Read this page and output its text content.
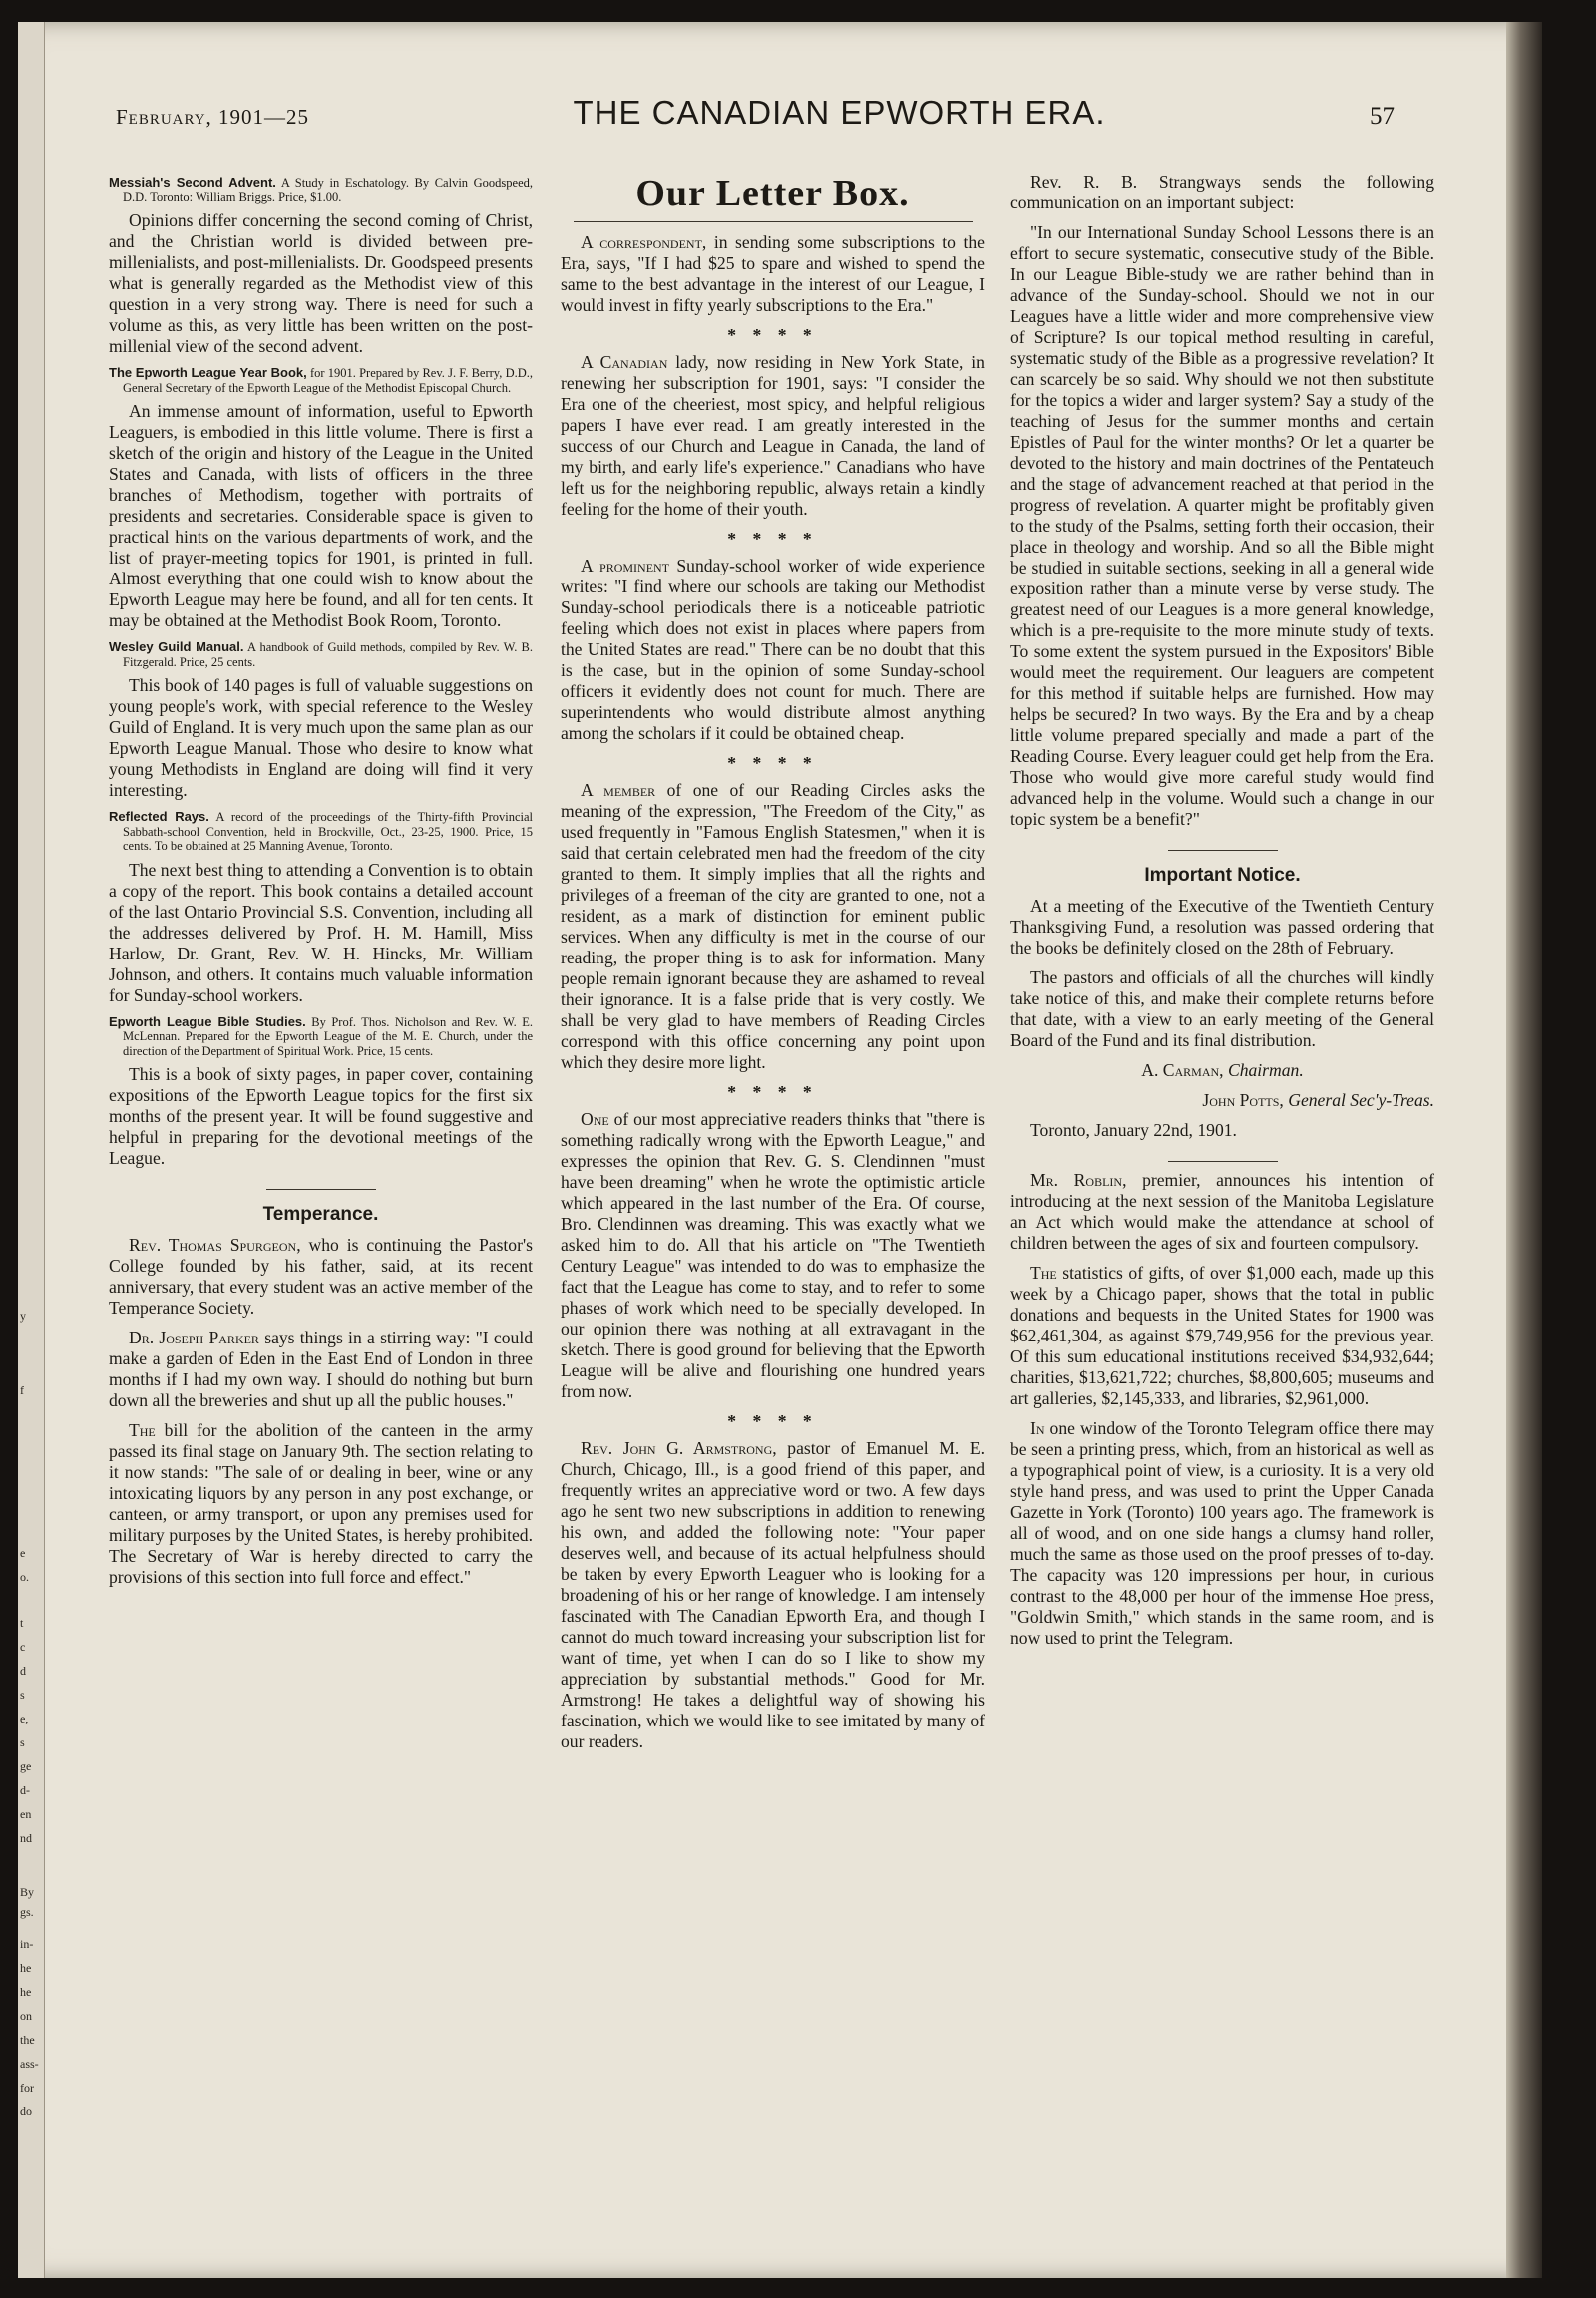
y
f
e
o.
t
c
d
s
e,
s
ge
d-
en
nd
By
gs.
in-
he
he
on
the
ass-
for
do
February, 1901—25	THE CANADIAN EPWORTH ERA.	57
Messiah's Second Advent. A Study in Eschatology. By Calvin Goodspeed, D.D. Toronto: William Briggs. Price, $1.00.

Opinions differ concerning the second coming of Christ, and the Christian world is divided between pre-millenialists, and post-millenialists. Dr. Goodspeed presents what is generally regarded as the Methodist view of this question in a very strong way. There is need for such a volume as this, as very little has been written on the post-millenial view of the second advent.

The Epworth League Year Book, for 1901. Prepared by Rev. J. F. Berry, D.D., General Secretary of the Epworth League of the Methodist Episcopal Church.

An immense amount of information, useful to Epworth Leaguers, is embodied in this little volume. There is first a sketch of the origin and history of the League in the United States and Canada, with lists of officers in the three branches of Methodism, together with portraits of presidents and secretaries. Considerable space is given to practical hints on the various departments of work, and the list of prayer-meeting topics for 1901, is printed in full. Almost everything that one could wish to know about the Epworth League may here be found, and all for ten cents. It may be obtained at the Methodist Book Room, Toronto.

Wesley Guild Manual. A handbook of Guild methods, compiled by Rev. W. B. Fitzgerald. Price, 25 cents.

This book of 140 pages is full of valuable suggestions on young people's work, with special reference to the Wesley Guild of England. It is very much upon the same plan as our Epworth League Manual. Those who desire to know what young Methodists in England are doing will find it very interesting.

Reflected Rays. A record of the proceedings of the Thirty-fifth Provincial Sabbath-school Convention, held in Brockville, Oct., 23-25, 1900. Price, 15 cents. To be obtained at 25 Manning Avenue, Toronto.

The next best thing to attending a Convention is to obtain a copy of the report. This book contains a detailed account of the last Ontario Provincial S.S. Convention, including all the addresses delivered by Prof. H. M. Hamill, Miss Harlow, Dr. Grant, Rev. W. H. Hincks, Mr. William Johnson, and others. It contains much valuable information for Sunday-school workers.

Epworth League Bible Studies. By Prof. Thos. Nicholson and Rev. W. E. McLennan. Prepared for the Epworth League of the M. E. Church, under the direction of the Department of Spiritual Work. Price, 15 cents.

This is a book of sixty pages, in paper cover, containing expositions of the Epworth League topics for the first six months of the present year. It will be found suggestive and helpful in preparing for the devotional meetings of the League.

Temperance.

Rev. Thomas Spurgeon, who is continuing the Pastor's College founded by his father, said, at its recent anniversary, that every student was an active member of the Temperance Society.

Dr. Joseph Parker says things in a stirring way: "I could make a garden of Eden in the East End of London in three months if I had my own way. I should do nothing but burn down all the breweries and shut up all the public houses."

The bill for the abolition of the canteen in the army passed its final stage on January 9th. The section relating to it now stands: "The sale of or dealing in beer, wine or any intoxicating liquors by any person in any post exchange, or canteen, or army transport, or upon any premises used for military purposes by the United States, is hereby prohibited. The Secretary of War is hereby directed to carry the provisions of this section into full force and effect."

Our Letter Box.

A correspondent, in sending some subscriptions to the Era, says, "If I had $25 to spare and wished to spend the same to the best advantage in the interest of our League, I would invest in fifty yearly subscriptions to the Era."

* * * *

A Canadian lady, now residing in New York State, in renewing her subscription for 1901, says: "I consider the Era one of the cheeriest, most spicy, and helpful religious papers I have ever read. I am greatly interested in the success of our Church and League in Canada, the land of my birth, and early life's experience." Canadians who have left us for the neighboring republic, always retain a kindly feeling for the home of their youth.

* * * *

A prominent Sunday-school worker of wide experience writes: "I find where our schools are taking our Methodist Sunday-school periodicals there is a noticeable patriotic feeling which does not exist in places where papers from the United States are read." There can be no doubt that this is the case, but in the opinion of some Sunday-school officers it evidently does not count for much. There are superintendents who would distribute almost anything among the scholars if it could be obtained cheap.

* * * *

A member of one of our Reading Circles asks the meaning of the expression, "The Freedom of the City," as used frequently in "Famous English Statesmen," when it is said that certain celebrated men had the freedom of the city granted to them. It simply implies that all the rights and privileges of a freeman of the city are granted to one, not a resident, as a mark of distinction for eminent public services. When any difficulty is met in the course of our reading, the proper thing is to ask for information. Many people remain ignorant because they are ashamed to reveal their ignorance. It is a false pride that is very costly. We shall be very glad to have members of Reading Circles correspond with this office concerning any point upon which they desire more light.

* * * *

One of our most appreciative readers thinks that "there is something radically wrong with the Epworth League," and expresses the opinion that Rev. G. S. Clendinnen "must have been dreaming" when he wrote the optimistic article which appeared in the last number of the Era. Of course, Bro. Clendinnen was dreaming. This was exactly what we asked him to do. All that his article on "The Twentieth Century League" was intended to do was to emphasize the fact that the League has come to stay, and to refer to some phases of work which need to be specially developed. In our opinion there was nothing at all extravagant in the sketch. There is good ground for believing that the Epworth League will be alive and flourishing one hundred years from now.

* * * *

Rev. John G. Armstrong, pastor of Emanuel M. E. Church, Chicago, Ill., is a good friend of this paper, and frequently writes an appreciative word or two. A few days ago he sent two new subscriptions in addition to renewing his own, and added the following note: "Your paper deserves well, and because of its actual helpfulness should be taken by every Epworth Leaguer who is looking for a broadening of his or her range of knowledge. I am intensely fascinated with The Canadian Epworth Era, and though I cannot do much toward increasing your subscription list for want of time, yet when I can do so I like to show my appreciation by substantial methods." Good for Mr. Armstrong! He takes a delightful way of showing his fascination, which we would like to see imitated by many of our readers.

Rev. R. B. Strangways sends the following communication on an important subject:

"In our International Sunday School Lessons there is an effort to secure systematic, consecutive study of the Bible. In our League Bible-study we are rather behind than in advance of the Sunday-school. Should we not in our Leagues have a little wider and more comprehensive view of Scripture? Is our topical method resulting in careful, systematic study of the Bible as a progressive revelation? It can scarcely be so said. Why should we not then substitute for the topics a wider and larger system? Say a study of the teaching of Jesus for the summer months and certain Epistles of Paul for the winter months? Or let a quarter be devoted to the history and main doctrines of the Pentateuch and the stage of advancement reached at that period in the progress of revelation. A quarter might be profitably given to the study of the Psalms, setting forth their occasion, their place in theology and worship. And so all the Bible might be studied in suitable sections, seeking in all a general wide exposition rather than a minute verse by verse study. The greatest need of our Leagues is a more general knowledge, which is a pre-requisite to the more minute study of texts. To some extent the system pursued in the Expositors' Bible would meet the requirement. Our leaguers are competent for this method if suitable helps are furnished. How may helps be secured? In two ways. By the Era and by a cheap little volume prepared specially and made a part of the Reading Course. Every leaguer could get help from the Era. Those who would give more careful study would find advanced help in the volume. Would such a change in our topic system be a benefit?"

Important Notice.

At a meeting of the Executive of the Twentieth Century Thanksgiving Fund, a resolution was passed ordering that the books be definitely closed on the 28th of February.

The pastors and officials of all the churches will kindly take notice of this, and make their complete returns before that date, with a view to an early meeting of the General Board of the Fund and its final distribution.

A. Carman, Chairman.

John Potts, General Sec'y-Treas.

Toronto, January 22nd, 1901.

Mr. Roblin, premier, announces his intention of introducing at the next session of the Manitoba Legislature an Act which would make the attendance at school of children between the ages of six and fourteen compulsory.

The statistics of gifts, of over $1,000 each, made up this week by a Chicago paper, shows that the total in public donations and bequests in the United States for 1900 was $62,461,304, as against $79,749,956 for the previous year. Of this sum educational institutions received $34,932,644; charities, $13,621,722; churches, $8,800,605; museums and art galleries, $2,145,333, and libraries, $2,961,000.

In one window of the Toronto Telegram office there may be seen a printing press, which, from an historical as well as a typographical point of view, is a curiosity. It is a very old style hand press, and was used to print the Upper Canada Gazette in York (Toronto) 100 years ago. The framework is all of wood, and on one side hangs a clumsy hand roller, much the same as those used on the proof presses of to-day. The capacity was 120 impressions per hour, in curious contrast to the 48,000 per hour of the immense Hoe press, "Goldwin Smith," which stands in the same room, and is now used to print the Telegram.
